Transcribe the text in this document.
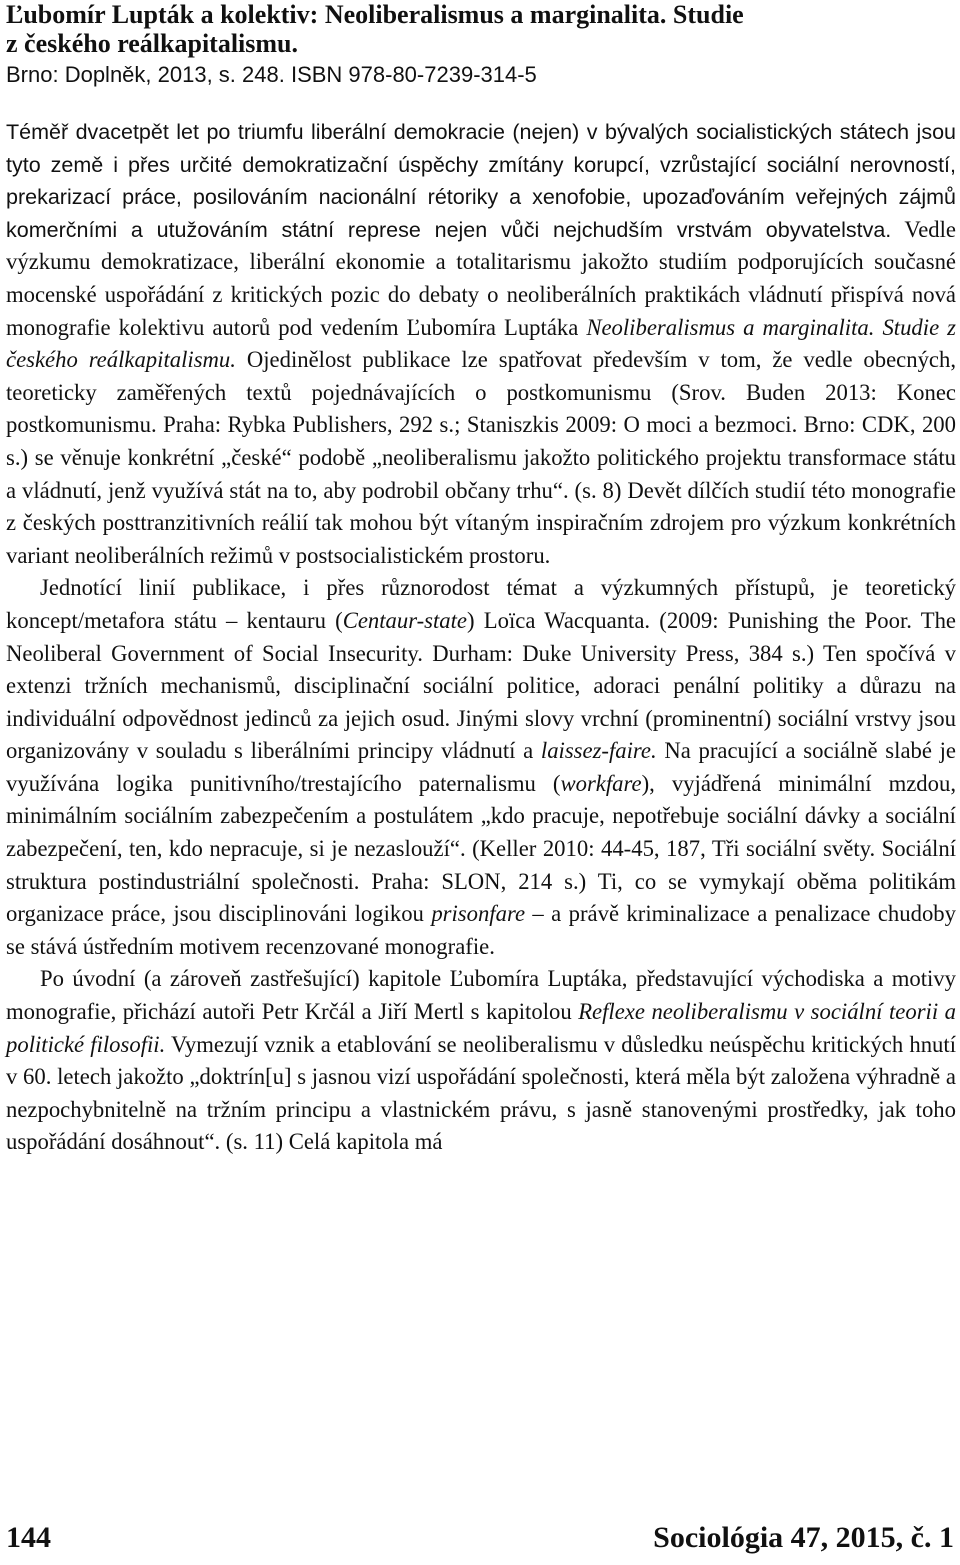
Ľubomír Lupták a kolektiv: Neoliberalismus a marginalita. Studie
z českého reálkapitalismu.
Brno: Doplněk, 2013, s. 248. ISBN 978-80-7239-314-5

Téměř dvacetpět let po triumfu liberální demokracie (nejen) v bývalých socialistických státech jsou tyto země i přes určité demokratizační úspěchy zmítány korupcí, vzrůstající sociální nerovností, prekarizací práce, posilováním nacionální rétoriky a xenofobie, upozaďováním veřejných zájmů komerčními a utužováním státní represe nejen vůči nejchudším vrstvám obyvatelstva. Vedle výzkumu demokratizace, liberální ekonomie a totalitarismu jakožto studiím podporujících současné mocenské uspořádání z kritických pozic do debaty o neoliberálních praktikách vládnutí přispívá nová monografie kolektivu autorů pod vedením Ľubomíra Luptáka Neoliberalismus a marginalita. Studie z českého reálkapitalismu. Ojedinělost publikace lze spatřovat především v tom, že vedle obecných, teoreticky zaměřených textů pojednávajících o postkomunismu (Srov. Buden 2013: Konec postkomunismu. Praha: Rybka Publishers, 292 s.; Staniszkis 2009: O moci a bezmoci. Brno: CDK, 200 s.) se věnuje konkrétní „české“ podobě „neoliberalismu jakožto politického projektu transformace státu a vládnutí, jenž využívá stát na to, aby podrobil občany trhu“. (s. 8) Devět dílčích studií této monografie z českých posttranzitivních reálií tak mohou být vítaným inspiračním zdrojem pro výzkum konkrétních variant neoliberálních režimů v postsocialistickém prostoru.

Jednotící linií publikace, i přes různorodost témat a výzkumných přístupů, je teoretický koncept/metafora státu – kentauru (Centaur-state) Loïca Wacquanta. (2009: Punishing the Poor. The Neoliberal Government of Social Insecurity. Durham: Duke University Press, 384 s.) Ten spočívá v extenzi tržních mechanismů, disciplinační sociální politice, adoraci penální politiky a důrazu na individuální odpovědnost jedinců za jejich osud. Jinými slovy vrchní (prominentní) sociální vrstvy jsou organizovány v souladu s liberálními principy vládnutí a laissez-faire. Na pracující a sociálně slabé je využívána logika punitivního/trestajícího paternalismu (workfare), vyjádřená minimální mzdou, minimálním sociálním zabezpečením a postulátem „kdo pracuje, nepotřebuje sociální dávky a sociální zabezpečení, ten, kdo nepracuje, si je nezaslouží“. (Keller 2010: 44-45, 187, Tři sociální světy. Sociální struktura postindustriální společnosti. Praha: SLON, 214 s.) Ti, co se vymykají oběma politikám organizace práce, jsou disciplinováni logikou prisonfare – a právě kriminalizace a penalizace chudoby se stává ústředním motivem recenzované monografie.

Po úvodní (a zároveň zastřešující) kapitole Ľubomíra Luptáka, představující východiska a motivy monografie, přichází autoři Petr Krčál a Jiří Mertl s kapitolou Reflexe neoliberalismu v sociální teorii a politické filosofii. Vymezují vznik a etablování se neoliberalismu v důsledku neúspěchu kritických hnutí v 60. letech jakožto „doktrín[u] s jasnou vizí uspořádání společnosti, která měla být založena výhradně a nezpochybnitelně na tržním principu a vlastnickém právu, s jasně stanovenými prostředky, jak toho uspořádání dosáhnout“. (s. 11) Celá kapitola má

144	Sociológia 47, 2015, č. 1
